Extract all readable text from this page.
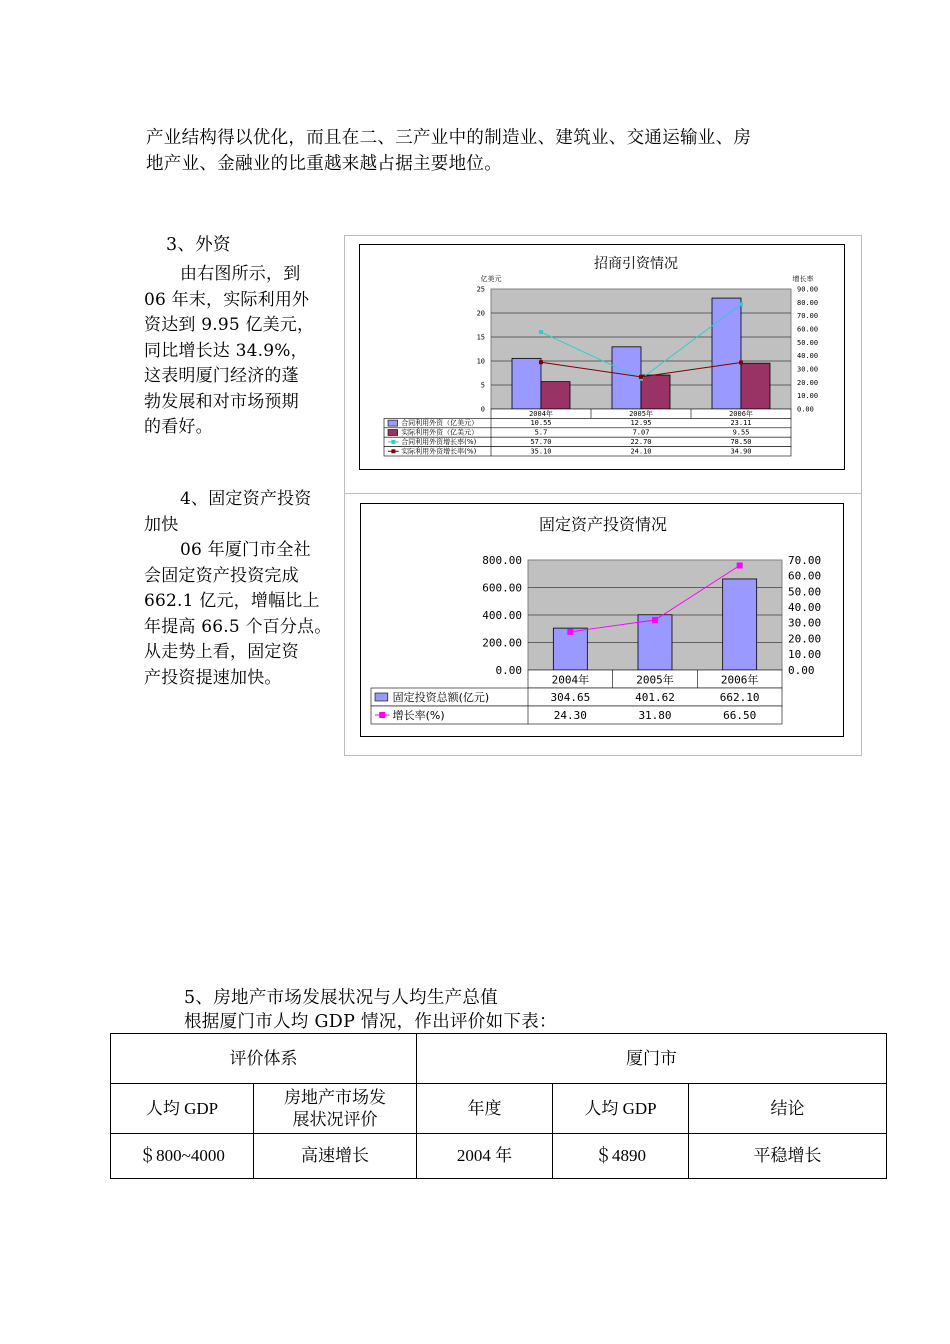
产业结构得以优化，而且在二、三产业中的制造业、建筑业、交通运输业、房
地产业、金融业的比重越来越占据主要地位。
3、外资
由右图所示，到
06 年末，实际利用外
资达到 9.95 亿美元，
同比增长达 34.9%，
这表明厦门经济的蓬
勃发展和对市场预期
的看好。
4、固定资产投资
加快
06 年厦门市全社
会固定资产投资完成
662.1 亿元，增幅比上
年提高 66.5 个百分点。
从走势上看，固定资
产投资提速加快。
招商引资情况
亿美元	增长率
25
20
15
10
5
0
90.00
80.00
70.00
60.00
50.00
40.00
30.00
20.00
10.00
0.00
2004年	2005年	2006年
合同利用外资（亿美元）	10.55	12.95	23.11
实际利用外资（亿美元）	5.7	7.07	9.55
合同利用外资增长率(%)	57.70	22.70	78.50
实际利用外资增长率(%)	35.10	24.10	34.90
固定资产投资情况
800.00
600.00
400.00
200.00
0.00
70.00
60.00
50.00
40.00
30.00
20.00
10.00
0.00
2004年	2005年	2006年
固定投资总额(亿元)	304.65	401.62	662.10
增长率(%)	24.30	31.80	66.50
5、房地产市场发展状况与人均生产总值
根据厦门市人均 GDP 情况，作出评价如下表：
评价体系		厦门市		
人均 GDP	房地产市场发展状况评价	年度	人均 GDP	结论
＄800~4000	高速增长	2004 年	＄4890	平稳增长
